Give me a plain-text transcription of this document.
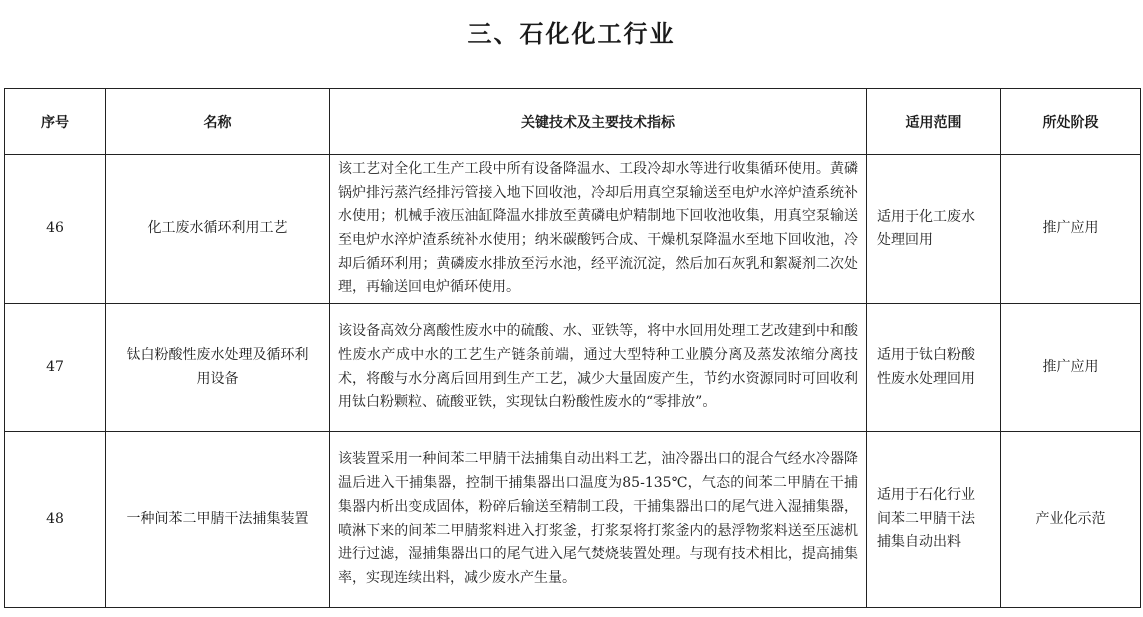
三、石化化工行业
序号	名称	关键技术及主要技术指标	适用范围	所处阶段
46	化工废水循环利用工艺	该工艺对全化工生产工段中所有设备降温水、工段冷却水等进行收集循环使用。黄磷锅炉排污蒸汽经排污管接入地下回收池，冷却后用真空泵输送至电炉水淬炉渣系统补水使用；机械手液压油缸降温水排放至黄磷电炉精制地下回收池收集，用真空泵输送至电炉水淬炉渣系统补水使用；纳米碳酸钙合成、干燥机泵降温水至地下回收池，冷却后循环利用；黄磷废水排放至污水池，经平流沉淀，然后加石灰乳和絮凝剂二次处理，再输送回电炉循环使用。	适用于化工废水处理回用	推广应用
47	钛白粉酸性废水处理及循环利用设备	该设备高效分离酸性废水中的硫酸、水、亚铁等，将中水回用处理工艺改建到中和酸性废水产成中水的工艺生产链条前端，通过大型特种工业膜分离及蒸发浓缩分离技术，将酸与水分离后回用到生产工艺，减少大量固废产生，节约水资源同时可回收利用钛白粉颗粒、硫酸亚铁，实现钛白粉酸性废水的“零排放”。	适用于钛白粉酸性废水处理回用	推广应用
48	一种间苯二甲腈干法捕集装置	该装置采用一种间苯二甲腈干法捕集自动出料工艺，油冷器出口的混合气经水冷器降温后进入干捕集器，控制干捕集器出口温度为85-135℃，气态的间苯二甲腈在干捕集器内析出变成固体，粉碎后输送至精制工段，干捕集器出口的尾气进入湿捕集器，喷淋下来的间苯二甲腈浆料进入打浆釜，打浆泵将打浆釜内的悬浮物浆料送至压滤机进行过滤，湿捕集器出口的尾气进入尾气焚烧装置处理。与现有技术相比，提高捕集率，实现连续出料，减少废水产生量。	适用于石化行业间苯二甲腈干法捕集自动出料	产业化示范
